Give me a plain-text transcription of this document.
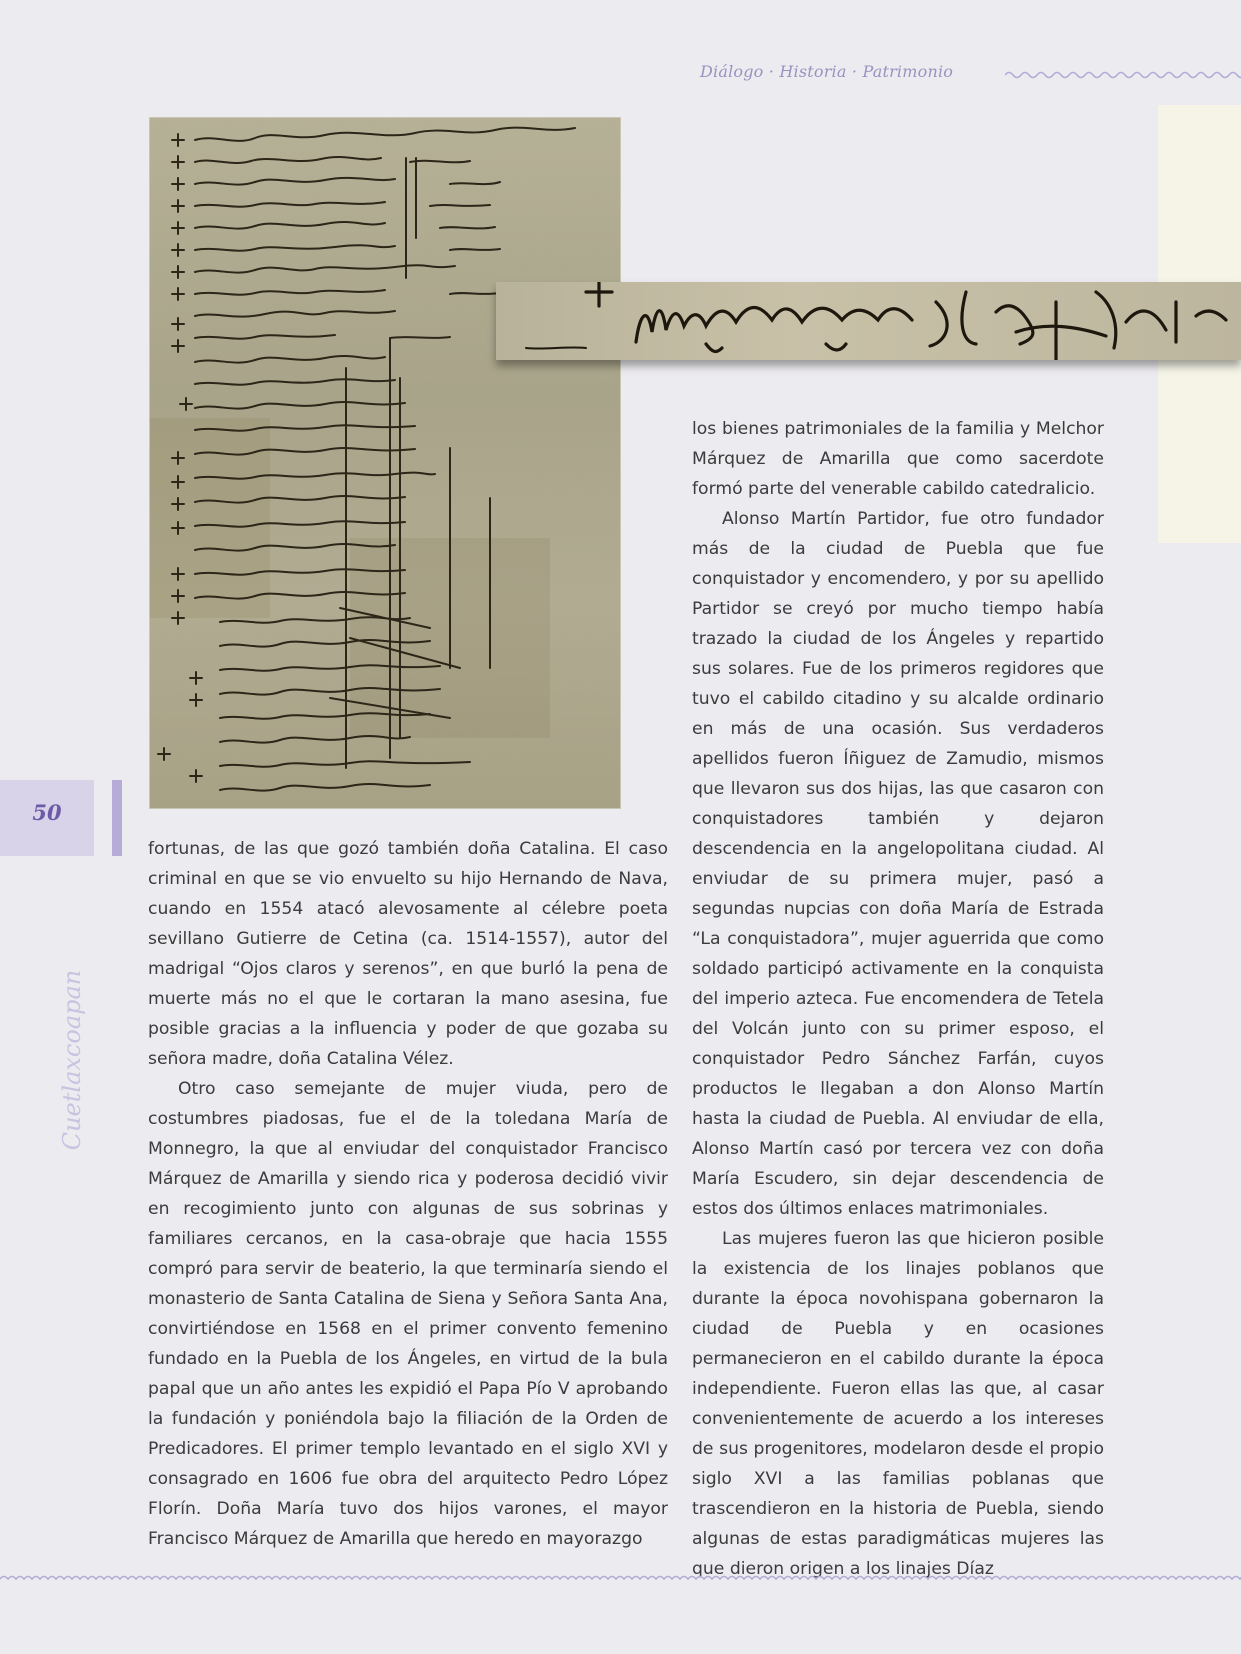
Diálogo · Historia · Patrimonio
50
Cuetlaxcoapan

fortunas, de las que gozó también doña Catalina. El caso criminal en que se vio envuelto su hijo Hernando de Nava, cuando en 1554 atacó alevosamente al célebre poeta sevillano Gutierre de Cetina (ca. 1514-1557), autor del madrigal “Ojos claros y serenos”, en que burló la pena de muerte más no el que le cortaran la mano asesina, fue posible gracias a la influencia y poder de que gozaba su señora madre, doña Catalina Vélez.

Otro caso semejante de mujer viuda, pero de costumbres piadosas, fue el de la toledana María de Monnegro, la que al enviudar del conquistador Francisco Márquez de Amarilla y siendo rica y poderosa decidió vivir en recogimiento junto con algunas de sus sobrinas y familiares cercanos, en la casa-obraje que hacia 1555 compró para servir de beaterio, la que terminaría siendo el monasterio de Santa Catalina de Siena y Señora Santa Ana, convirtiéndose en 1568 en el primer convento femenino fundado en la Puebla de los Ángeles, en virtud de la bula papal que un año antes les expidió el Papa Pío V aprobando la fundación y poniéndola bajo la filiación de la Orden de Predicadores. El primer templo levantado en el siglo XVI y consagrado en 1606 fue obra del arquitecto Pedro López Florín. Doña María tuvo dos hijos varones, el mayor Francisco Márquez de Amarilla que heredo en mayorazgo

los bienes patrimoniales de la familia y Melchor Márquez de Amarilla que como sacerdote formó parte del venerable cabildo catedralicio.

Alonso Martín Partidor, fue otro fundador más de la ciudad de Puebla que fue conquistador y encomendero, y por su apellido Partidor se creyó por mucho tiempo había trazado la ciudad de los Ángeles y repartido sus solares. Fue de los primeros regidores que tuvo el cabildo citadino y su alcalde ordinario en más de una ocasión. Sus verdaderos apellidos fueron Íñiguez de Zamudio, mismos que llevaron sus dos hijas, las que casaron con conquistadores también y dejaron descendencia en la angelopolitana ciudad. Al enviudar de su primera mujer, pasó a segundas nupcias con doña María de Estrada “La conquistadora”, mujer aguerrida que como soldado participó activamente en la conquista del imperio azteca. Fue encomendera de Tetela del Volcán junto con su primer esposo, el conquistador Pedro Sánchez Farfán, cuyos productos le llegaban a don Alonso Martín hasta la ciudad de Puebla. Al enviudar de ella, Alonso Martín casó por tercera vez con doña María Escudero, sin dejar descendencia de estos dos últimos enlaces matrimoniales.

Las mujeres fueron las que hicieron posible la existencia de los linajes poblanos que durante la época novohispana gobernaron la ciudad de Puebla y en ocasiones permanecieron en el cabildo durante la época independiente. Fueron ellas las que, al casar convenientemente de acuerdo a los intereses de sus progenitores, modelaron desde el propio siglo XVI a las familias poblanas que trascendieron en la historia de Puebla, siendo algunas de estas paradigmáticas mujeres las que dieron origen a los linajes Díaz
